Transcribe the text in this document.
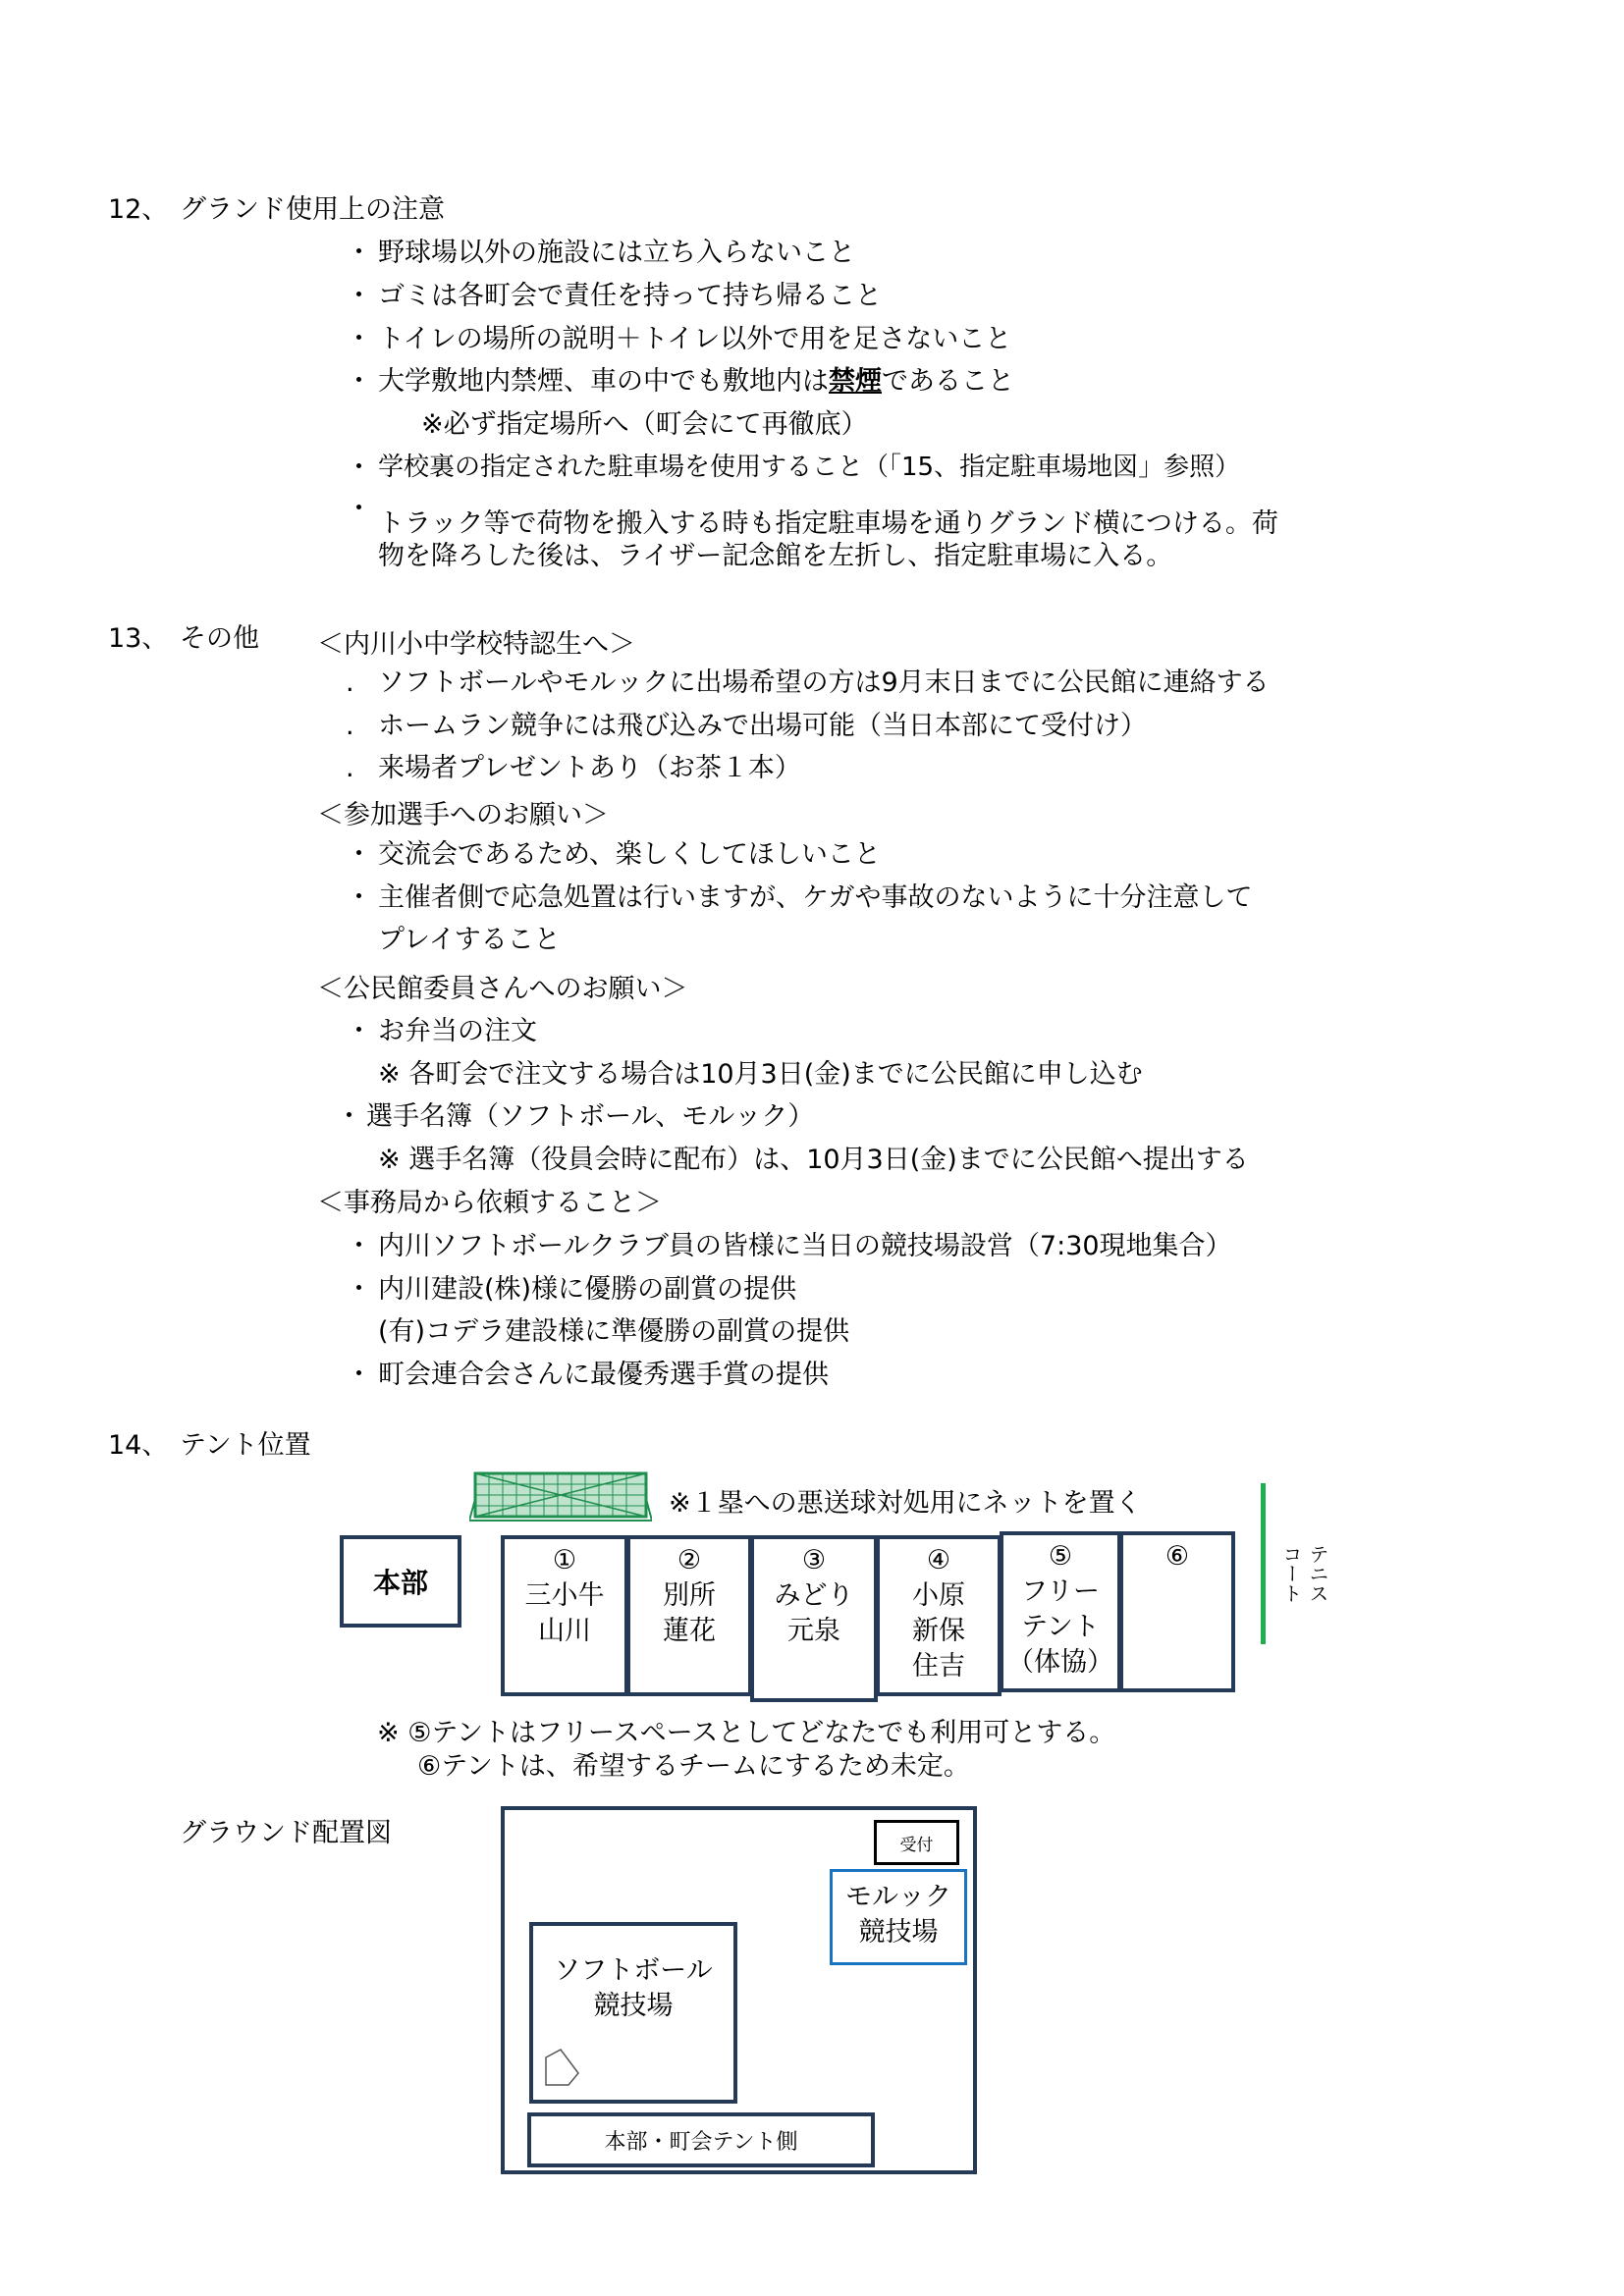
12、 グランド使用上の注意
・ 野球場以外の施設には立ち入らないこと
・ ゴミは各町会で責任を持って持ち帰ること
・ トイレの場所の説明＋トイレ以外で用を足さないこと
・ 大学敷地内禁煙、車の中でも敷地内は禁煙であること
※必ず指定場所へ（町会にて再徹底）
・ 学校裏の指定された駐車場を使用すること（「15、指定駐車場地図」参照）
・ トラック等で荷物を搬入する時も指定駐車場を通りグランド横につける。荷
物を降ろした後は、ライザー記念館を左折し、指定駐車場に入る。
13、 その他 ＜内川小中学校特認生へ＞
. ソフトボールやモルックに出場希望の方は9月末日までに公民館に連絡する
. ホームラン競争には飛び込みで出場可能（当日本部にて受付け）
. 来場者プレゼントあり（お茶１本）
＜参加選手へのお願い＞
・ 交流会であるため、楽しくしてほしいこと
・ 主催者側で応急処置は行いますが、ケガや事故のないように十分注意して
プレイすること
＜公民館委員さんへのお願い＞
・ お弁当の注文
※ 各町会で注文する場合は10月3日(金)までに公民館に申し込む
・ 選手名簿（ソフトボール、モルック）
※ 選手名簿（役員会時に配布）は、10月3日(金)までに公民館へ提出する
＜事務局から依頼すること＞
・ 内川ソフトボールクラブ員の皆様に当日の競技場設営（7:30現地集合）
・ 内川建設(株)様に優勝の副賞の提供
(有)コデラ建設様に準優勝の副賞の提供
・ 町会連合会さんに最優秀選手賞の提供
14、 テント位置
※１塁への悪送球対処用にネットを置く
本部
①
三小牛
山川

②
別所
蓮花

③
みどり
元泉

④
小原
新保
住吉
⑤
フリー
テント
（体協）
⑥

	テニス
コート
※ ⑤テントはフリースペースとしてどなたでも利用可とする。
⑥テントは、希望するチームにするため未定。
グラウンド配置図	受付
モルック
競技場
ソフトボール
競技場
本部・町会テント側
